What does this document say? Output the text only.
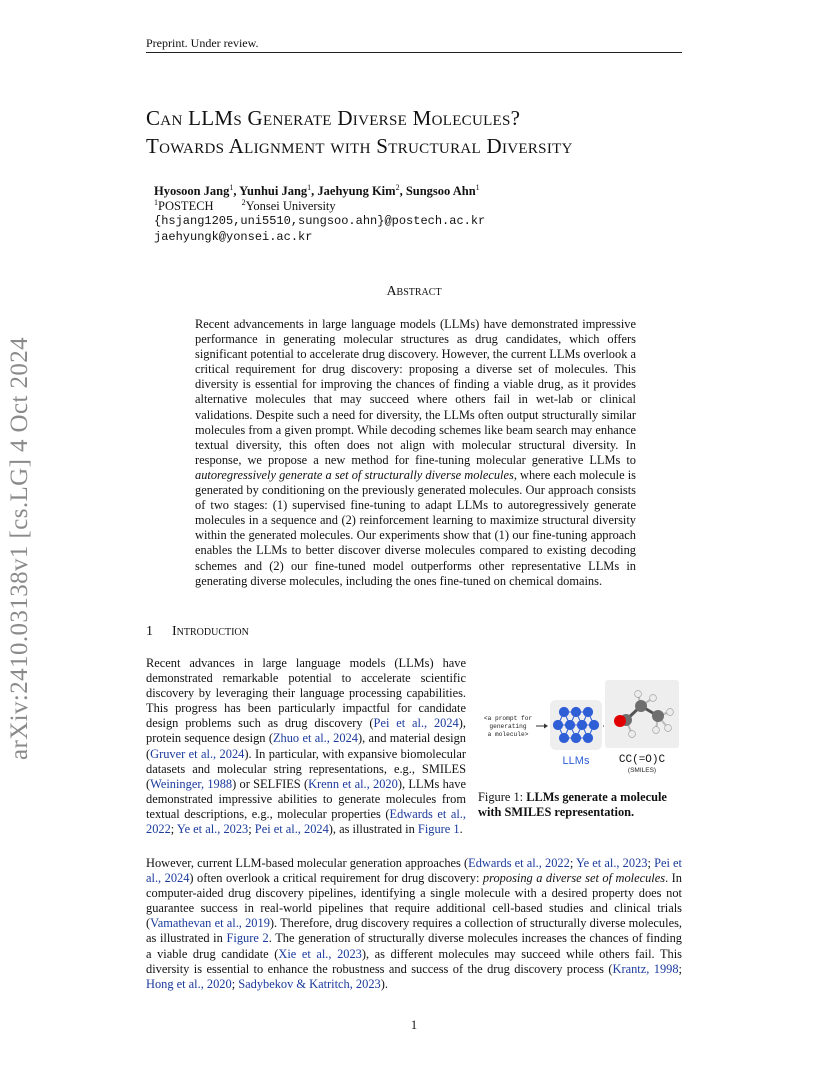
Preprint. Under review.
arXiv:2410.03138v1 [cs.LG] 4 Oct 2024
Can LLMs Generate Diverse Molecules?
Towards Alignment with Structural Diversity
Hyosoon Jang$^1$, Yunhui Jang$^1$, Jaehyung Kim$^2$, Sungsoo Ahn$^1$
$^1$POSTECH	$^2$Yonsei University
{hsjang1205,uni5510,sungsoo.ahn}@postech.ac.kr
jaehyungk@yonsei.ac.kr
Abstract
Recent advancements in large language models (LLMs) have demonstrated impressive performance in generating molecular structures as drug candidates, which offers significant potential to accelerate drug discovery. However, the current LLMs overlook a critical requirement for drug discovery: proposing a diverse set of molecules. This diversity is essential for improving the chances of finding a viable drug, as it provides alternative molecules that may succeed where others fail in wet-lab or clinical validations. Despite such a need for diversity, the LLMs often output structurally similar molecules from a given prompt. While decoding schemes like beam search may enhance textual diversity, this often does not align with molecular structural diversity. In response, we propose a new method for fine-tuning molecular generative LLMs to autoregressively generate a set of structurally diverse molecules, where each molecule is generated by conditioning on the previously generated molecules. Our approach consists of two stages: (1) supervised fine-tuning to adapt LLMs to autoregressively generate molecules in a sequence and (2) reinforcement learning to maximize structural diversity within the generated molecules. Our experiments show that (1) our fine-tuning approach enables the LLMs to better discover diverse molecules compared to existing decoding schemes and (2) our fine-tuned model outperforms other representative LLMs in generating diverse molecules, including the ones fine-tuned on chemical domains.
1 Introduction
Recent advances in large language models (LLMs) have demonstrated remarkable potential to accelerate scientific discovery by leveraging their language processing capabilities. This progress has been particularly impactful for candidate design problems such as drug discovery (Pei et al., 2024), protein sequence design (Zhuo et al., 2024), and material design (Gruver et al., 2024). In particular, with expansive biomolecular datasets and molecular string representations, e.g., SMILES (Weininger, 1988) or SELFIES (Krenn et al., 2020), LLMs have demonstrated impressive abilities to generate molecules from textual descriptions, e.g., molecular properties (Edwards et al., 2022; Ye et al., 2023; Pei et al., 2024), as illustrated in Figure 1.
<a prompt for
generating
a molecule>
LLMs	CC(=O)C
(SMILES)
Figure 1: LLMs generate a molecule with SMILES representation.
However, current LLM-based molecular generation approaches (Edwards et al., 2022; Ye et al., 2023; Pei et al., 2024) often overlook a critical requirement for drug discovery: proposing a diverse set of molecules. In computer-aided drug discovery pipelines, identifying a single molecule with a desired property does not guarantee success in real-world pipelines that require additional cell-based studies and clinical trials (Vamathevan et al., 2019). Therefore, drug discovery requires a collection of structurally diverse molecules, as illustrated in Figure 2. The generation of structurally diverse molecules increases the chances of finding a viable drug candidate (Xie et al., 2023), as different molecules may succeed while others fail. This diversity is essential to enhance the robustness and success of the drug discovery process (Krantz, 1998; Hong et al., 2020; Sadybekov & Katritch, 2023).
1
